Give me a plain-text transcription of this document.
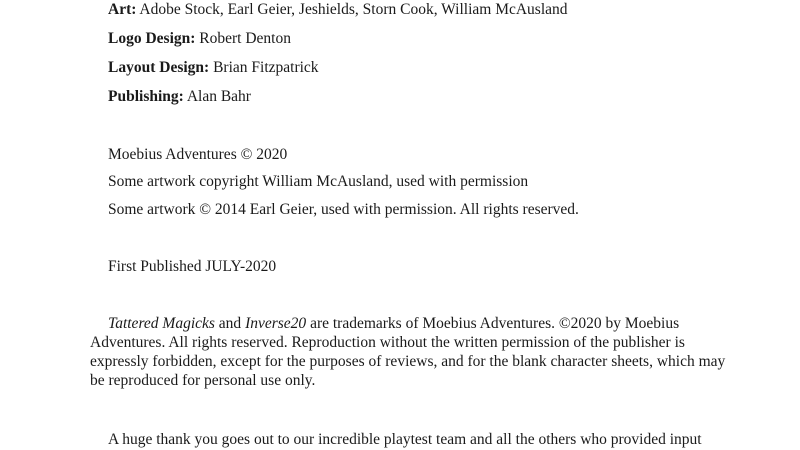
Art: Adobe Stock, Earl Geier, Jeshields, Storn Cook, William McAusland
Logo Design: Robert Denton
Layout Design: Brian Fitzpatrick
Publishing: Alan Bahr
Moebius Adventures © 2020
Some artwork copyright William McAusland, used with permission
Some artwork © 2014 Earl Geier, used with permission. All rights reserved.
First Published JULY-2020
Tattered Magicks and Inverse20 are trademarks of Moebius Adventures. ©2020 by Moebius Adventures. All rights reserved. Reproduction without the written permission of the publisher is expressly forbidden, except for the purposes of reviews, and for the blank character sheets, which may be reproduced for personal use only.
A huge thank you goes out to our incredible playtest team and all the others who provided input
